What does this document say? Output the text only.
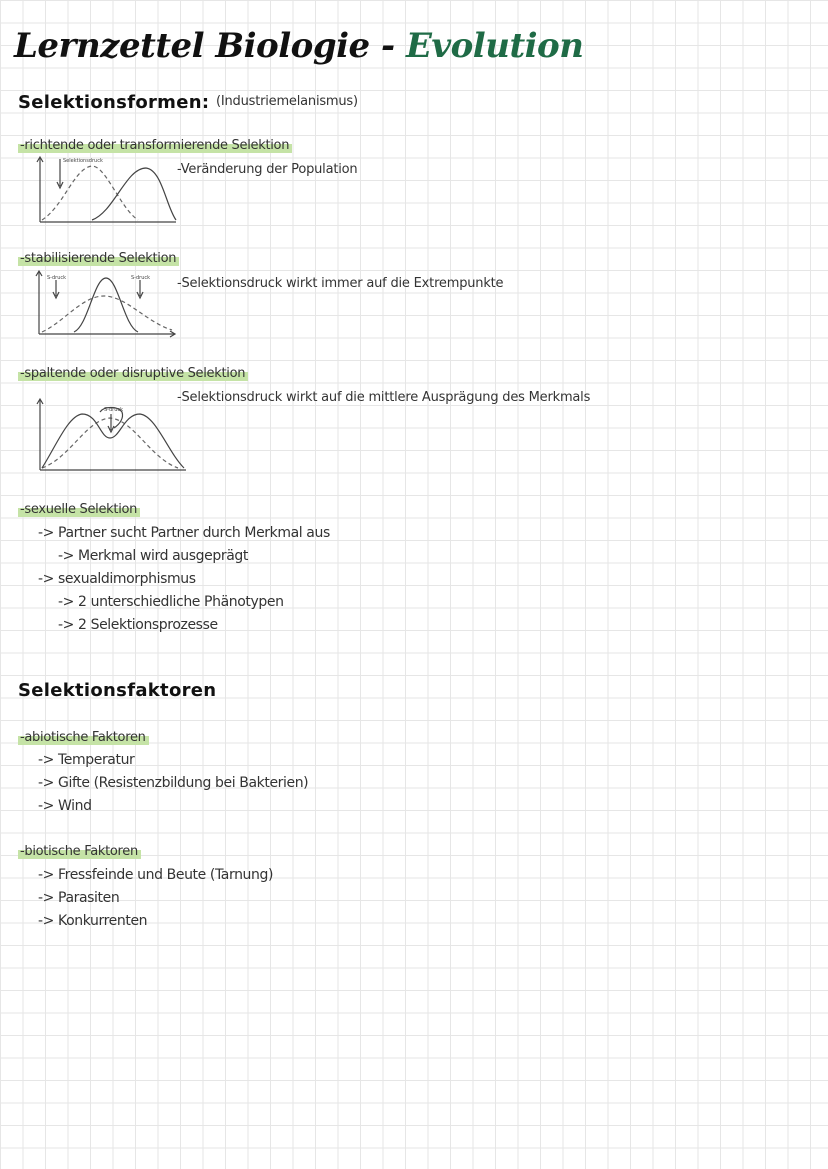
Lernzettel Biologie - Evolution
Selektionsformen: (Industriemelanismus)
-richtende oder transformierende Selektion
-Veränderung der Population
Selektionsdruck
-stabilisierende Selektion
-Selektionsdruck wirkt immer auf die Extrempunkte
S-druck	S-druck
-spaltende oder disruptive Selektion
-Selektionsdruck wirkt auf die mittlere Ausprägung des Merkmals
S-druck
-sexuelle Selektion
-> Partner sucht Partner durch Merkmal aus
-> Merkmal wird ausgeprägt
-> sexualdimorphismus
-> 2 unterschiedliche Phänotypen
-> 2 Selektionsprozesse
Selektionsfaktoren
-abiotische Faktoren
-> Temperatur
-> Gifte (Resistenzbildung bei Bakterien)
-> Wind
-biotische Faktoren
-> Fressfeinde und Beute (Tarnung)
-> Parasiten
-> Konkurrenten
